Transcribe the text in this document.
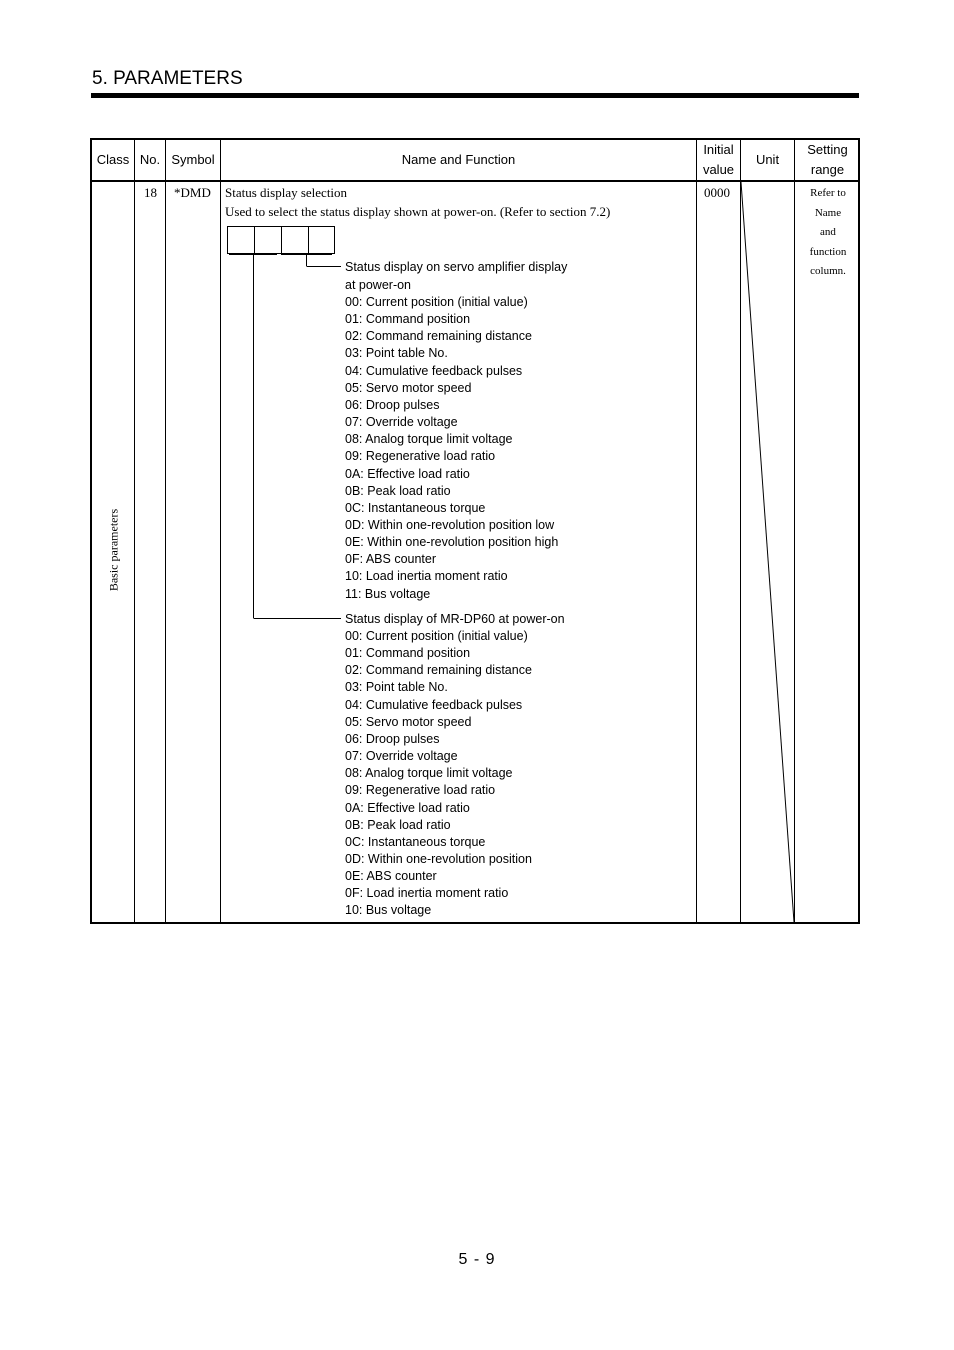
5. PARAMETERS
Class No. Symbol	Name and Function
Initial
value
Unit
Setting
range
Basic parameters
18 *DMD Status display selection
Used to select the status display shown at power-on. (Refer to section 7.2)
Status display on servo amplifier display
at power-on
00: Current position (initial value)
01: Command position
02: Command remaining distance
03: Point table No.
04: Cumulative feedback pulses
05: Servo motor speed
06: Droop pulses
07: Override voltage
08: Analog torque limit voltage
09: Regenerative load ratio
0A: Effective load ratio
0B: Peak load ratio
0C: Instantaneous torque
0D: Within one-revolution position low
0E: Within one-revolution position high
0F: ABS counter
10: Load inertia moment ratio
11: Bus voltage
Status display of MR-DP60 at power-on
00: Current position (initial value)
01: Command position
02: Command remaining distance
03: Point table No.
04: Cumulative feedback pulses
05: Servo motor speed
06: Droop pulses
07: Override voltage
08: Analog torque limit voltage
09: Regenerative load ratio
0A: Effective load ratio
0B: Peak load ratio
0C: Instantaneous torque
0D: Within one-revolution position
0E: ABS counter
0F: Load inertia moment ratio
10: Bus voltage
0000	Refer to
Name
and
function
column.
5 - 9
